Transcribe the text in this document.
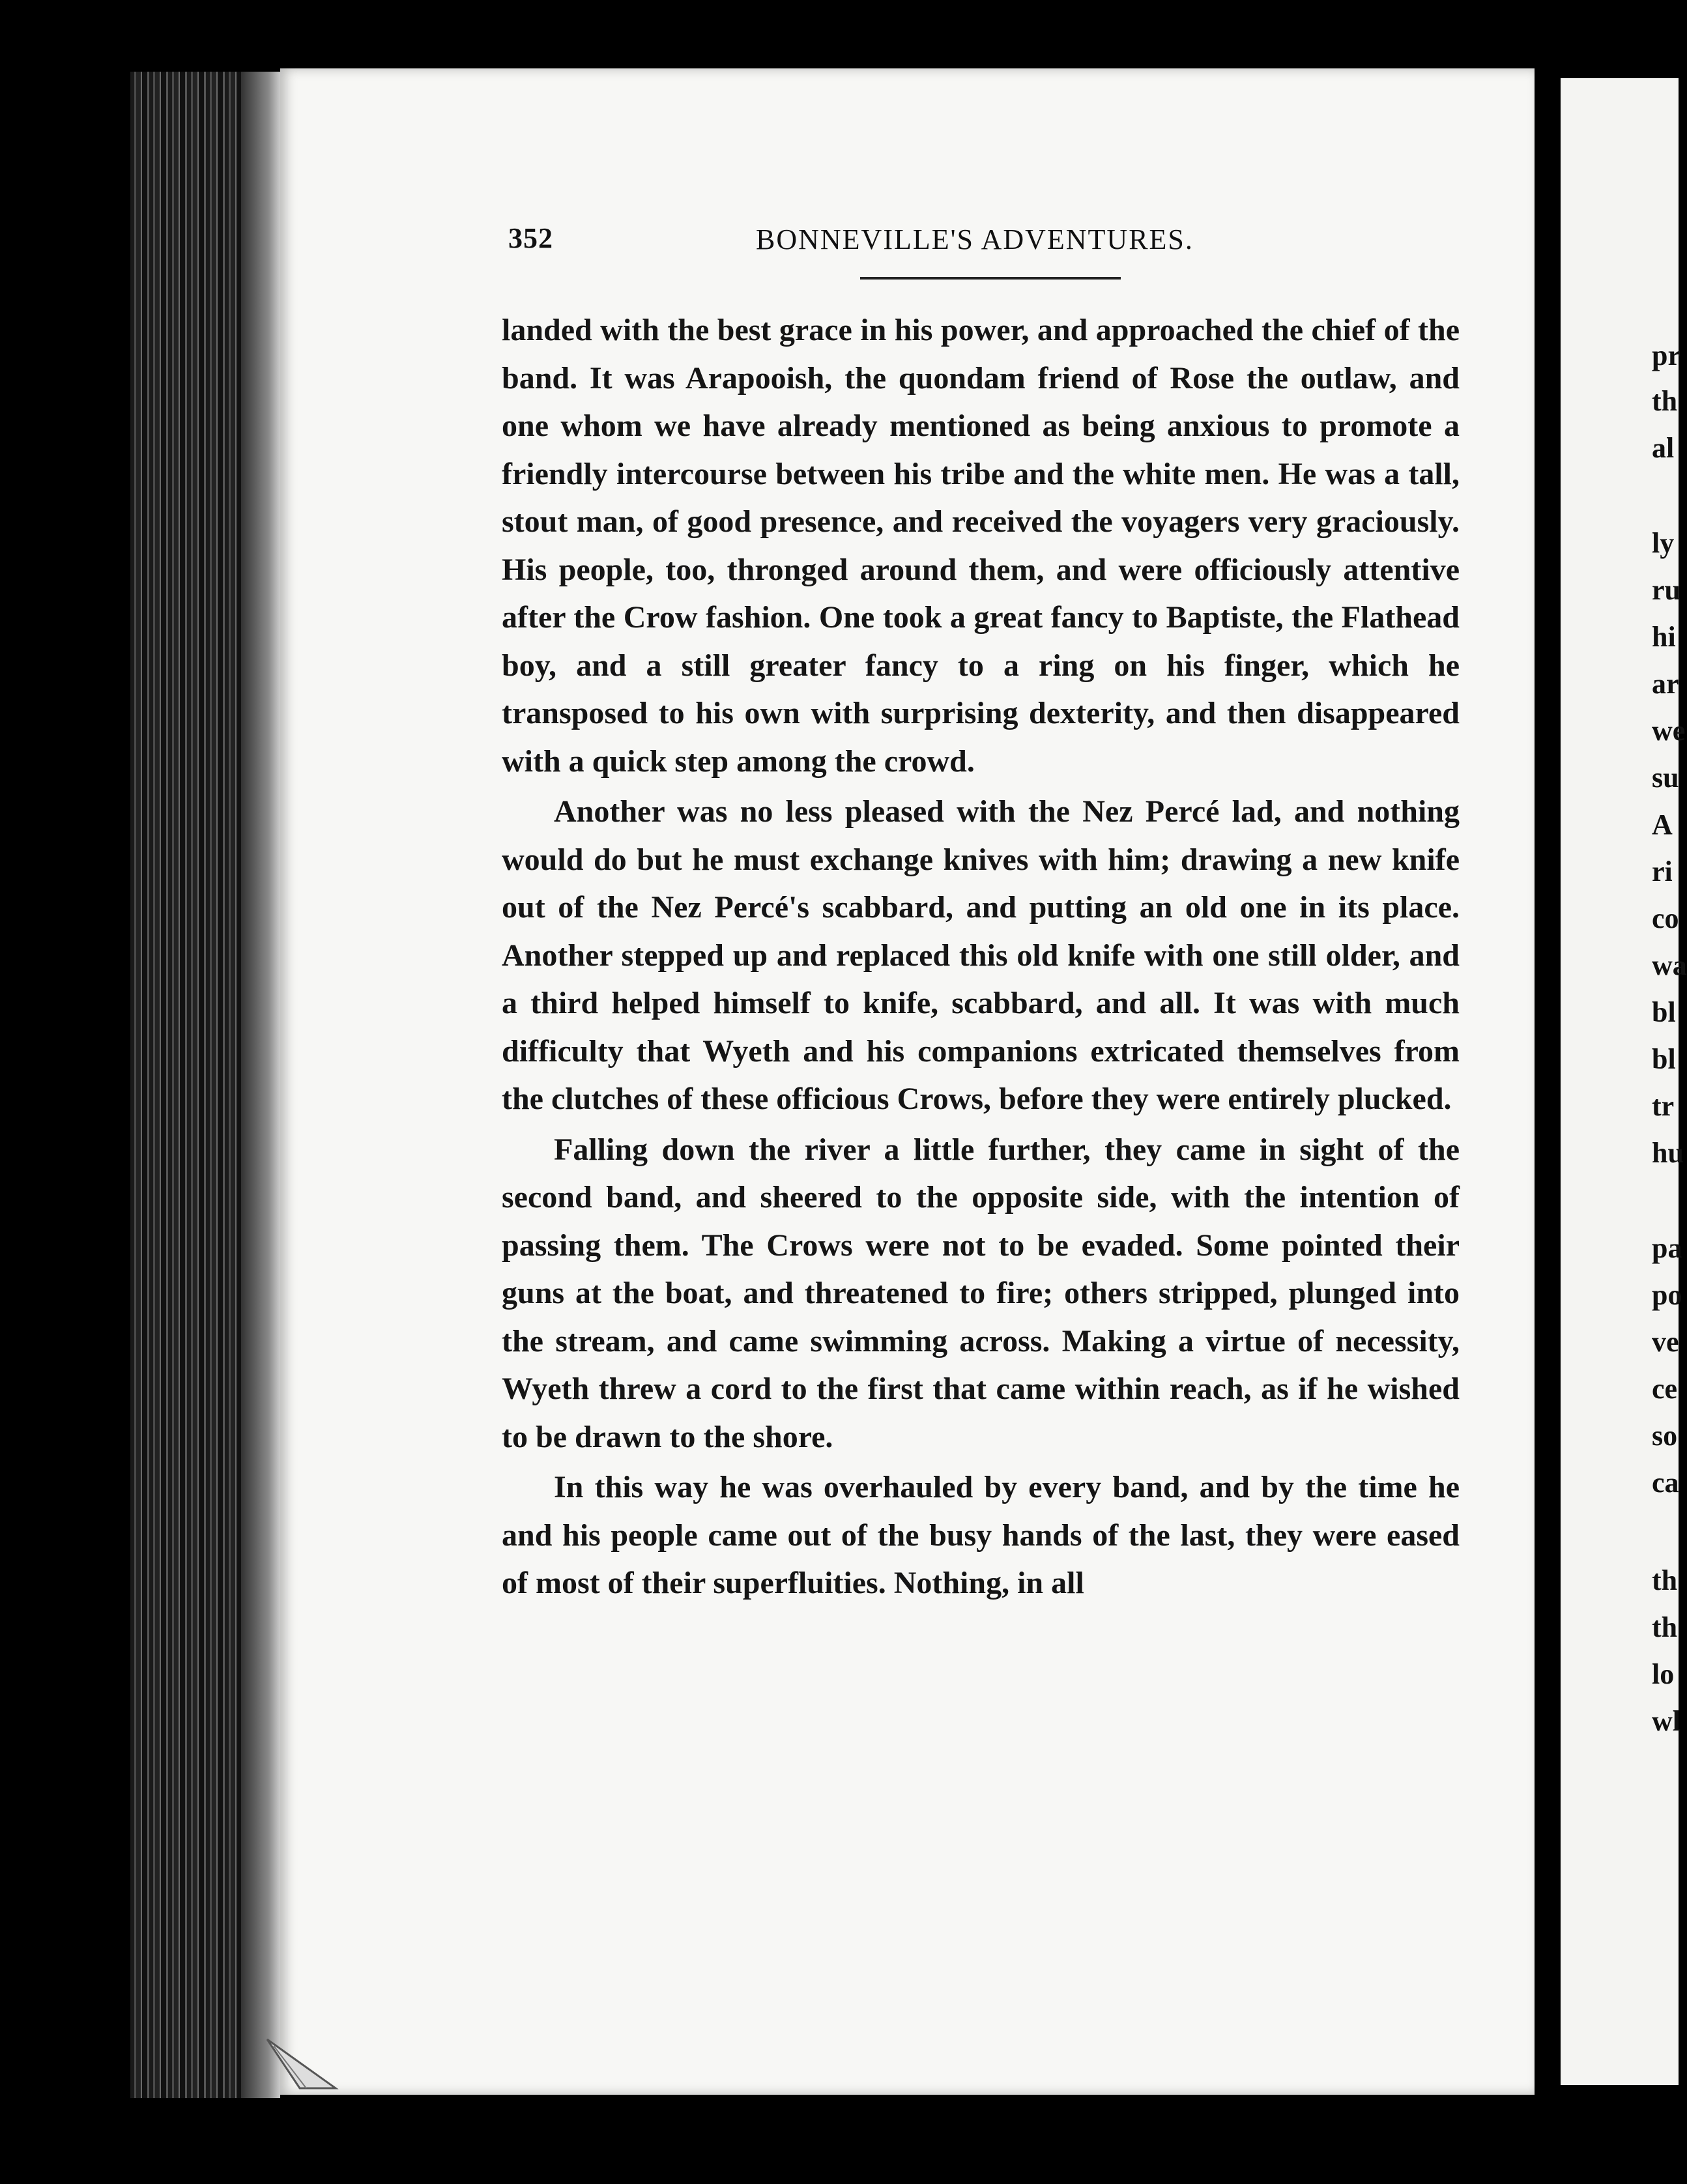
352	BONNEVILLE'S ADVENTURES.

landed with the best grace in his power, and approached the chief of the band. It was Arapooish, the quondam friend of Rose the outlaw, and one whom we have already mentioned as being anxious to promote a friendly intercourse between his tribe and the white men. He was a tall, stout man, of good presence, and received the voyagers very graciously. His people, too, thronged around them, and were officiously attentive after the Crow fashion. One took a great fancy to Baptiste, the Flathead boy, and a still greater fancy to a ring on his finger, which he transposed to his own with surprising dexterity, and then disappeared with a quick step among the crowd.

Another was no less pleased with the Nez Percé lad, and nothing would do but he must exchange knives with him; drawing a new knife out of the Nez Percé's scabbard, and putting an old one in its place. Another stepped up and replaced this old knife with one still older, and a third helped himself to knife, scabbard, and all. It was with much difficulty that Wyeth and his companions extricated themselves from the clutches of these officious Crows, before they were entirely plucked.

Falling down the river a little further, they came in sight of the second band, and sheered to the opposite side, with the intention of passing them. The Crows were not to be evaded. Some pointed their guns at the boat, and threatened to fire; others stripped, plunged into the stream, and came swimming across. Making a virtue of necessity, Wyeth threw a cord to the first that came within reach, as if he wished to be drawn to the shore.

In this way he was overhauled by every band, and by the time he and his people came out of the busy hands of the last, they were eased of most of their superfluities. Nothing, in all

pr
th
al
ly
ru
hi
ar
we
su
A
ri
co
wa
bl
bl
tr
hu
pa
po
ve
ce
so
ca
th
th
lo
wl
